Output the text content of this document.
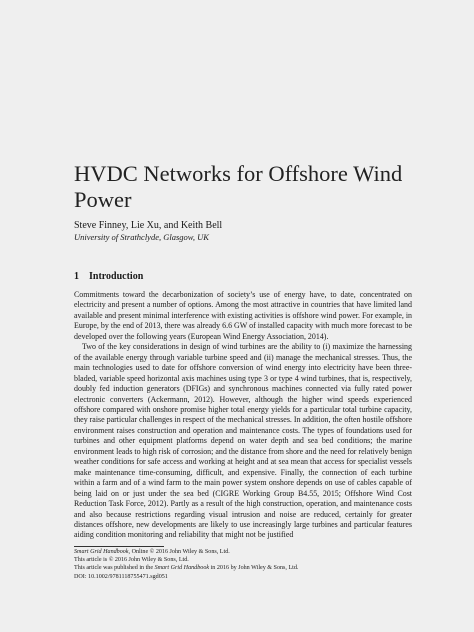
HVDC Networks for Offshore Wind Power
Steve Finney, Lie Xu, and Keith Bell
University of Strathclyde, Glasgow, UK
1 Introduction

Commitments toward the decarbonization of society’s use of energy have, to date, concentrated on electricity and present a number of options. Among the most attractive in countries that have limited land available and present minimal interference with existing activities is offshore wind power. For example, in Europe, by the end of 2013, there was already 6.6 GW of installed capacity with much more forecast to be developed over the following years (European Wind Energy Association, 2014).

Two of the key considerations in design of wind turbines are the ability to (i) maximize the harnessing of the available energy through variable turbine speed and (ii) manage the mechanical stresses. Thus, the main technologies used to date for offshore conversion of wind energy into electricity have been three-bladed, variable speed horizontal axis machines using type 3 or type 4 wind turbines, that is, respectively, doubly fed induction generators (DFIGs) and synchronous machines connected via fully rated power electronic converters (Ackermann, 2012). However, although the higher wind speeds experienced offshore compared with onshore promise higher total energy yields for a particular total turbine capacity, they raise particular challenges in respect of the mechanical stresses. In addition, the often hostile offshore environment raises construction and operation and maintenance costs. The types of foundations used for turbines and other equipment platforms depend on water depth and sea bed conditions; the marine environment leads to high risk of corrosion; and the distance from shore and the need for relatively benign weather conditions for safe access and working at height and at sea mean that access for specialist vessels make maintenance time-consuming, difficult, and expensive. Finally, the connection of each turbine within a farm and of a wind farm to the main power system onshore depends on use of cables capable of being laid on or just under the sea bed (CIGRE Working Group B4.55, 2015; Offshore Wind Cost Reduction Task Force, 2012). Partly as a result of the high construction, operation, and maintenance costs and also because restrictions regarding visual intrusion and noise are reduced, certainly for greater distances offshore, new developments are likely to use increasingly large turbines and particular features aiding condition monitoring and reliability that might not be justified

Smart Grid Handbook, Online © 2016 John Wiley & Sons, Ltd.
This article is © 2016 John Wiley & Sons, Ltd.
This article was published in the Smart Grid Handbook in 2016 by John Wiley & Sons, Ltd.
DOI: 10.1002/9781118755471.sgd051
